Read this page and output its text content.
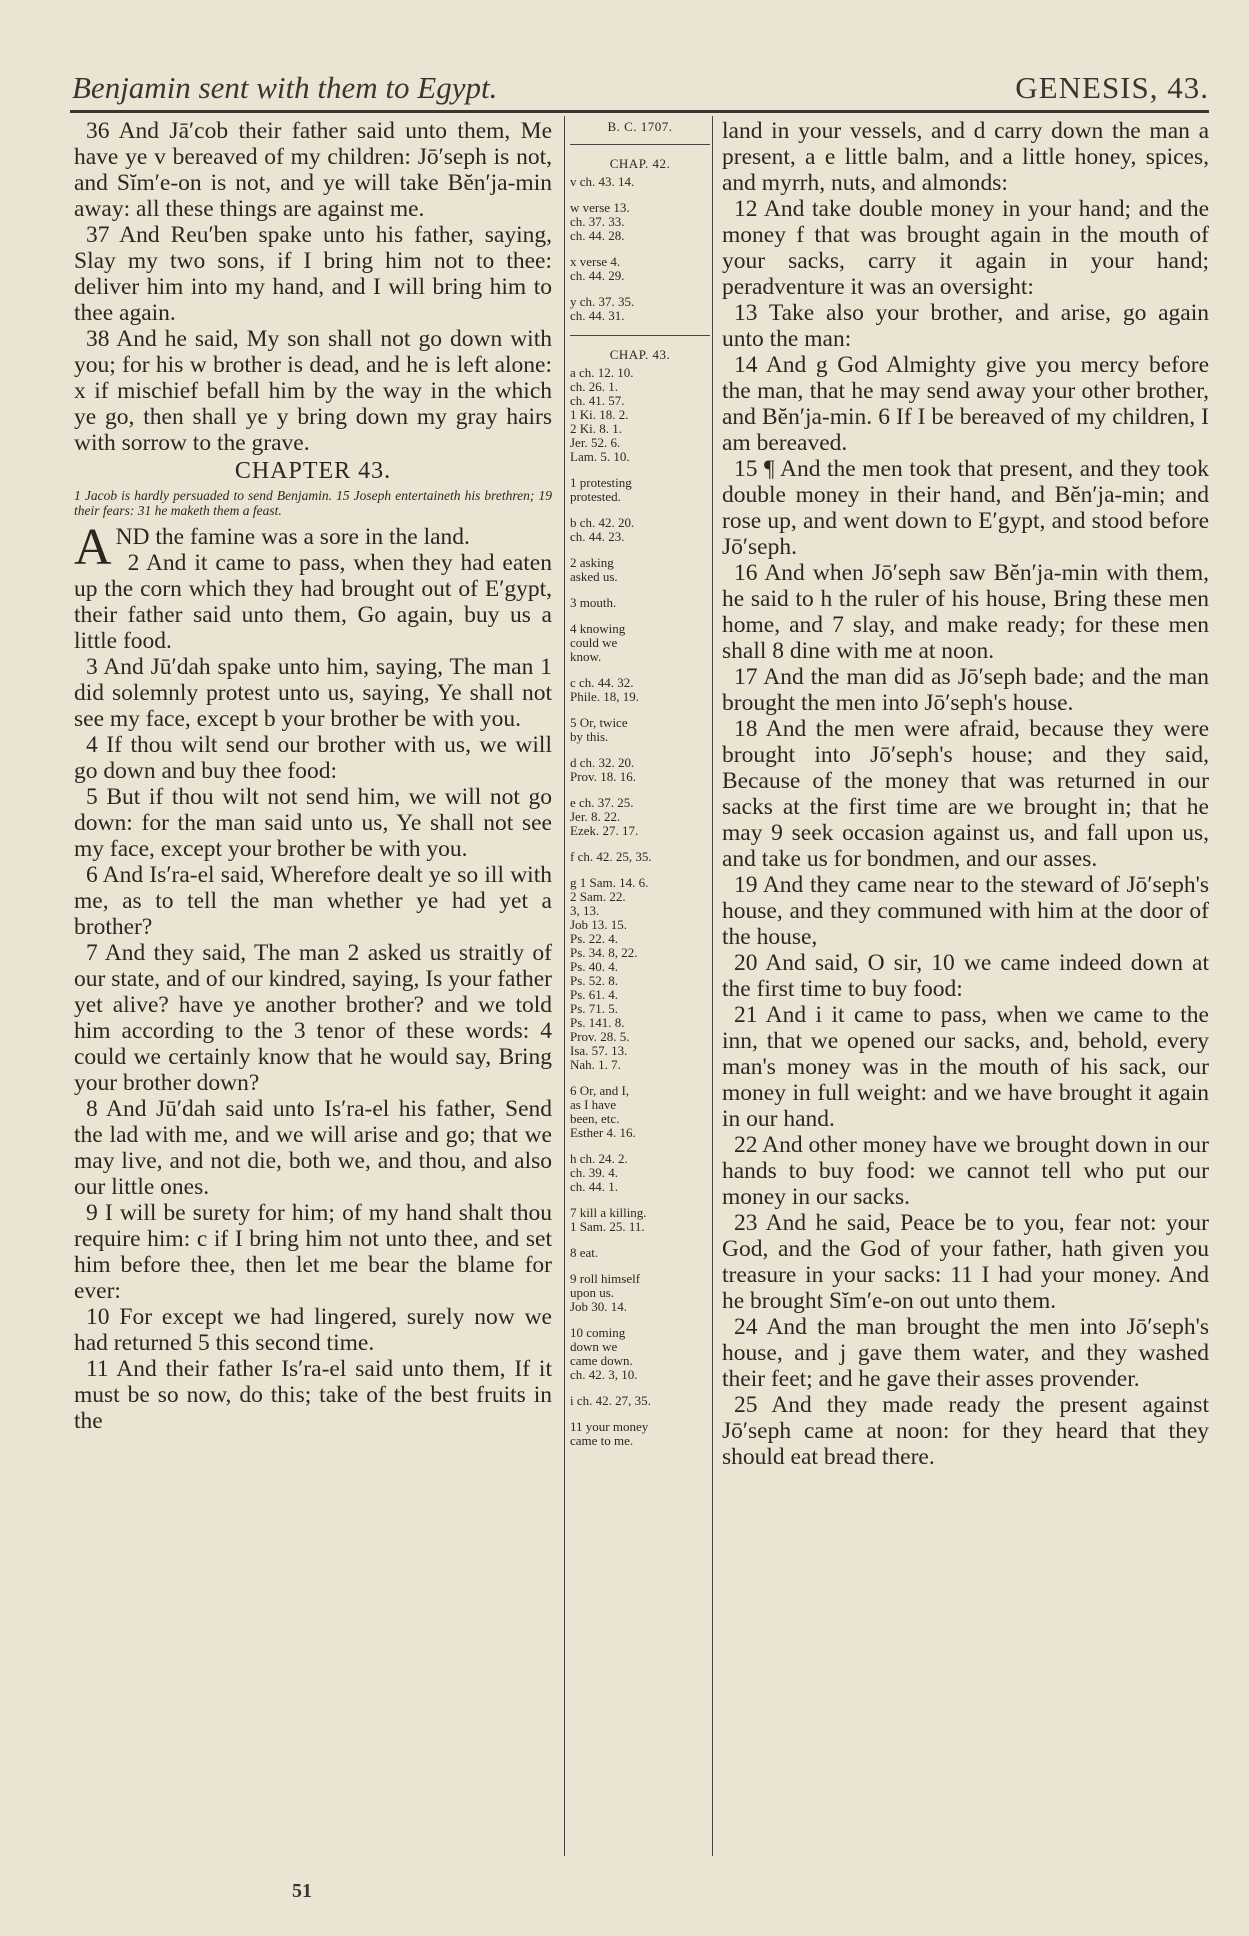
Benjamin sent with them to Egypt.	GENESIS, 43.

36 And Jā′cob their father said unto them, Me have ye v bereaved of my children: Jō′seph is not, and Sĭm′e-on is not, and ye will take Bĕn′ja-min away: all these things are against me.

37 And Reu′ben spake unto his father, saying, Slay my two sons, if I bring him not to thee: deliver him into my hand, and I will bring him to thee again.

38 And he said, My son shall not go down with you; for his w brother is dead, and he is left alone: x if mischief befall him by the way in the which ye go, then shall ye y bring down my gray hairs with sorrow to the grave.

CHAPTER 43.

1 Jacob is hardly persuaded to send Benjamin. 15 Joseph entertaineth his brethren; 19 their fears: 31 he maketh them a feast.

AND the famine was a sore in the land.

2 And it came to pass, when they had eaten up the corn which they had brought out of E′gypt, their father said unto them, Go again, buy us a little food.

3 And Jū′dah spake unto him, saying, The man 1 did solemnly protest unto us, saying, Ye shall not see my face, except b your brother be with you.

4 If thou wilt send our brother with us, we will go down and buy thee food:

5 But if thou wilt not send him, we will not go down: for the man said unto us, Ye shall not see my face, except your brother be with you.

6 And Is′ra-el said, Wherefore dealt ye so ill with me, as to tell the man whether ye had yet a brother?

7 And they said, The man 2 asked us straitly of our state, and of our kindred, saying, Is your father yet alive? have ye another brother? and we told him according to the 3 tenor of these words: 4 could we certainly know that he would say, Bring your brother down?

8 And Jū′dah said unto Is′ra-el his father, Send the lad with me, and we will arise and go; that we may live, and not die, both we, and thou, and also our little ones.

9 I will be surety for him; of my hand shalt thou require him: c if I bring him not unto thee, and set him before thee, then let me bear the blame for ever:

10 For except we had lingered, surely now we had returned 5 this second time.

11 And their father Is′ra-el said unto them, If it must be so now, do this; take of the best fruits in the

B. C. 1707.
CHAP. 42.
v ch. 43. 14.
w verse 13.
ch. 37. 33.
ch. 44. 28.
x verse 4.
ch. 44. 29.
y ch. 37. 35.
ch. 44. 31.
CHAP. 43.
a ch. 12. 10.
ch. 26. 1.
ch. 41. 57.
1 Ki. 18. 2.
2 Ki. 8. 1.
Jer. 52. 6.
Lam. 5. 10.
1 protesting
protested.
b ch. 42. 20.
ch. 44. 23.
2 asking
asked us.
3 mouth.
4 knowing
could we
know.
c ch. 44. 32.
Phile. 18, 19.
5 Or, twice
by this.
d ch. 32. 20.
Prov. 18. 16.
e ch. 37. 25.
Jer. 8. 22.
Ezek. 27. 17.
f ch. 42. 25, 35.
g 1 Sam. 14. 6.
2 Sam. 22.
3, 13.
Job 13. 15.
Ps. 22. 4.
Ps. 34. 8, 22.
Ps. 40. 4.
Ps. 52. 8.
Ps. 61. 4.
Ps. 71. 5.
Ps. 141. 8.
Prov. 28. 5.
Isa. 57. 13.
Nah. 1. 7.
6 Or, and I,
as I have
been, etc.
Esther 4. 16.
h ch. 24. 2.
ch. 39. 4.
ch. 44. 1.
7 kill a killing.
1 Sam. 25. 11.
8 eat.
9 roll himself
upon us.
Job 30. 14.
10 coming
down we
came down.
ch. 42. 3, 10.
i ch. 42. 27, 35.
11 your money
came to me.

land in your vessels, and d carry down the man a present, a e little balm, and a little honey, spices, and myrrh, nuts, and almonds:

12 And take double money in your hand; and the money f that was brought again in the mouth of your sacks, carry it again in your hand; peradventure it was an oversight:

13 Take also your brother, and arise, go again unto the man:

14 And g God Almighty give you mercy before the man, that he may send away your other brother, and Bĕn′ja-min. 6 If I be bereaved of my children, I am bereaved.

15 ¶ And the men took that present, and they took double money in their hand, and Bĕn′ja-min; and rose up, and went down to E′gypt, and stood before Jō′seph.

16 And when Jō′seph saw Bĕn′ja-min with them, he said to h the ruler of his house, Bring these men home, and 7 slay, and make ready; for these men shall 8 dine with me at noon.

17 And the man did as Jō′seph bade; and the man brought the men into Jō′seph's house.

18 And the men were afraid, because they were brought into Jō′seph's house; and they said, Because of the money that was returned in our sacks at the first time are we brought in; that he may 9 seek occasion against us, and fall upon us, and take us for bondmen, and our asses.

19 And they came near to the steward of Jō′seph's house, and they communed with him at the door of the house,

20 And said, O sir, 10 we came indeed down at the first time to buy food:

21 And i it came to pass, when we came to the inn, that we opened our sacks, and, behold, every man's money was in the mouth of his sack, our money in full weight: and we have brought it again in our hand.

22 And other money have we brought down in our hands to buy food: we cannot tell who put our money in our sacks.

23 And he said, Peace be to you, fear not: your God, and the God of your father, hath given you treasure in your sacks: 11 I had your money. And he brought Sĭm′e-on out unto them.

24 And the man brought the men into Jō′seph's house, and j gave them water, and they washed their feet; and he gave their asses provender.

25 And they made ready the present against Jō′seph came at noon: for they heard that they should eat bread there.

51
